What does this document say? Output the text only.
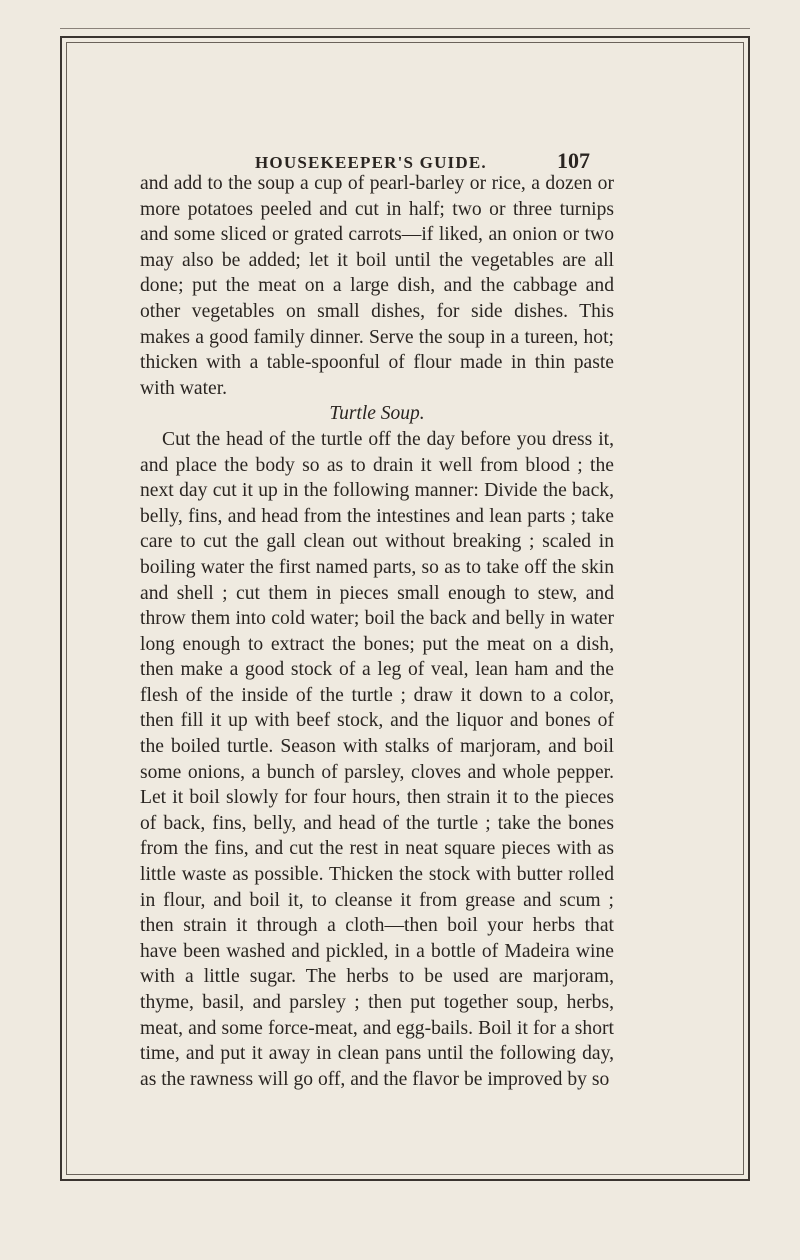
HOUSEKEEPER'S GUIDE.	107

and add to the soup a cup of pearl-barley or rice, a dozen or more potatoes peeled and cut in half; two or three turnips and some sliced or grated carrots—if liked, an onion or two may also be added; let it boil until the vegetables are all done; put the meat on a large dish, and the cabbage and other vegetables on small dishes, for side dishes. This makes a good family dinner. Serve the soup in a tureen, hot; thicken with a table-spoonful of flour made in thin paste with water.

Turtle Soup.

Cut the head of the turtle off the day before you dress it, and place the body so as to drain it well from blood ; the next day cut it up in the following manner: Divide the back, belly, fins, and head from the intestines and lean parts ; take care to cut the gall clean out without breaking ; scaled in boiling water the first named parts, so as to take off the skin and shell ; cut them in pieces small enough to stew, and throw them into cold water; boil the back and belly in water long enough to extract the bones; put the meat on a dish, then make a good stock of a leg of veal, lean ham and the flesh of the inside of the turtle ; draw it down to a color, then fill it up with beef stock, and the liquor and bones of the boiled turtle. Season with stalks of marjoram, and boil some onions, a bunch of parsley, cloves and whole pepper. Let it boil slowly for four hours, then strain it to the pieces of back, fins, belly, and head of the turtle ; take the bones from the fins, and cut the rest in neat square pieces with as little waste as possible. Thicken the stock with butter rolled in flour, and boil it, to cleanse it from grease and scum ; then strain it through a cloth—then boil your herbs that have been washed and pickled, in a bottle of Madeira wine with a little sugar. The herbs to be used are marjoram, thyme, basil, and parsley ; then put together soup, herbs, meat, and some force-meat, and egg-bails. Boil it for a short time, and put it away in clean pans until the following day, as the rawness will go off, and the flavor be improved by so
